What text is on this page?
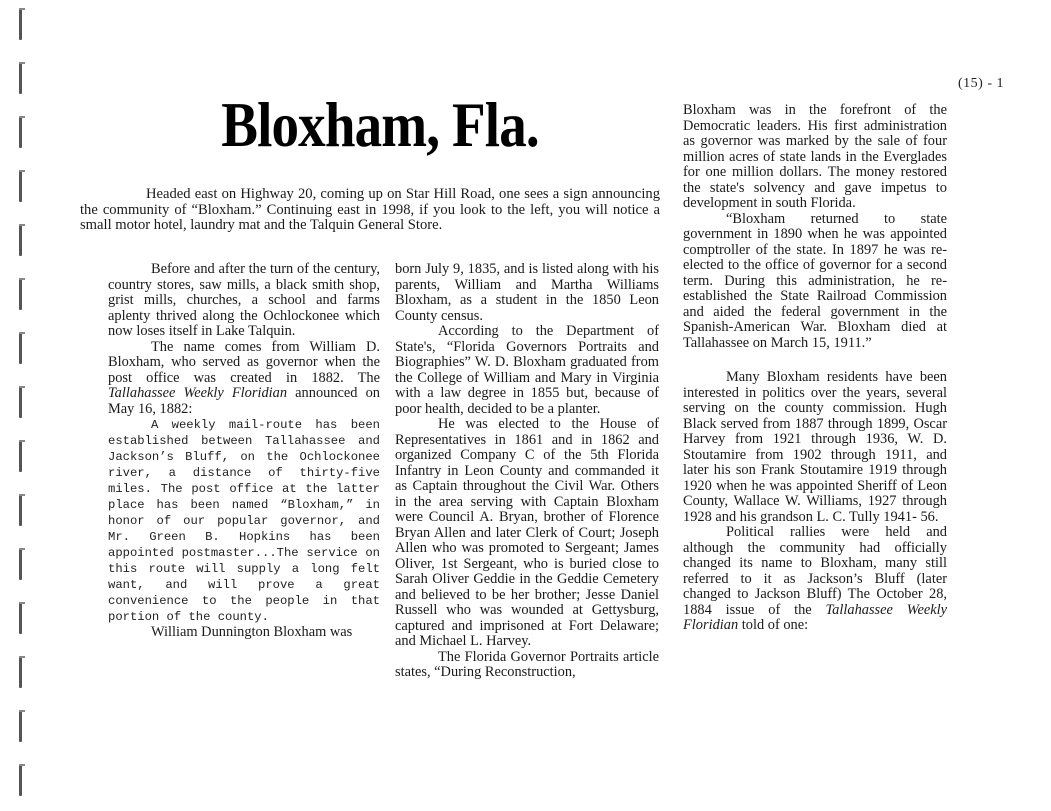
(15) - 1
Bloxham, Fla.

Headed east on Highway 20, coming up on Star Hill Road, one sees a sign announcing the community of “Bloxham.” Continuing east in 1998, if you look to the left, you will notice a small motor hotel, laundry mat and the Talquin General Store.

Before and after the turn of the century, country stores, saw mills, a black smith shop, grist mills, churches, a school and farms aplenty thrived along the Ochlockonee which now loses itself in Lake Talquin.

The name comes from William D. Bloxham, who served as governor when the post office was created in 1882. The Tallahassee Weekly Floridian announced on May 16, 1882:

A weekly mail-route has been established between Tallahassee and Jackson’s Bluff, on the Ochlockonee river, a distance of thirty-five miles. The post office at the latter place has been named “Bloxham,” in honor of our popular governor, and Mr. Green B. Hopkins has been appointed postmaster...The service on this route will supply a long felt want, and will prove a great convenience to the people in that portion of the county.

William Dunnington Bloxham was

born July 9, 1835, and is listed along with his parents, William and Martha Williams Bloxham, as a student in the 1850 Leon County census.

According to the Department of State's, “Florida Governors Portraits and Biographies” W. D. Bloxham graduated from the College of William and Mary in Virginia with a law degree in 1855 but, because of poor health, decided to be a planter.

He was elected to the House of Representatives in 1861 and in 1862 and organized Company C of the 5th Florida Infantry in Leon County and commanded it as Captain throughout the Civil War. Others in the area serving with Captain Bloxham were Council A. Bryan, brother of Florence Bryan Allen and later Clerk of Court; Joseph Allen who was promoted to Sergeant; James Oliver, 1st Sergeant, who is buried close to Sarah Oliver Geddie in the Geddie Cemetery and believed to be her brother; Jesse Daniel Russell who was wounded at Gettysburg, captured and imprisoned at Fort Delaware; and Michael L. Harvey.

The Florida Governor Portraits article states, “During Reconstruction,

Bloxham was in the forefront of the Democratic leaders. His first administration as governor was marked by the sale of four million acres of state lands in the Everglades for one million dollars. The money restored the state's solvency and gave impetus to development in south Florida.

“Bloxham returned to state government in 1890 when he was appointed comptroller of the state. In 1897 he was re-elected to the office of governor for a second term. During this administration, he re-established the State Railroad Commission and aided the federal government in the Spanish-American War. Bloxham died at Tallahassee on March 15, 1911.”

Many Bloxham residents have been interested in politics over the years, several serving on the county commission. Hugh Black served from 1887 through 1899, Oscar Harvey from 1921 through 1936, W. D. Stoutamire from 1902 through 1911, and later his son Frank Stoutamire 1919 through 1920 when he was appointed Sheriff of Leon County, Wallace W. Williams, 1927 through 1928 and his grandson L. C. Tully 1941- 56.

Political rallies were held and although the community had officially changed its name to Bloxham, many still referred to it as Jackson’s Bluff (later changed to Jackson Bluff) The October 28, 1884 issue of the Tallahassee Weekly Floridian told of one:
